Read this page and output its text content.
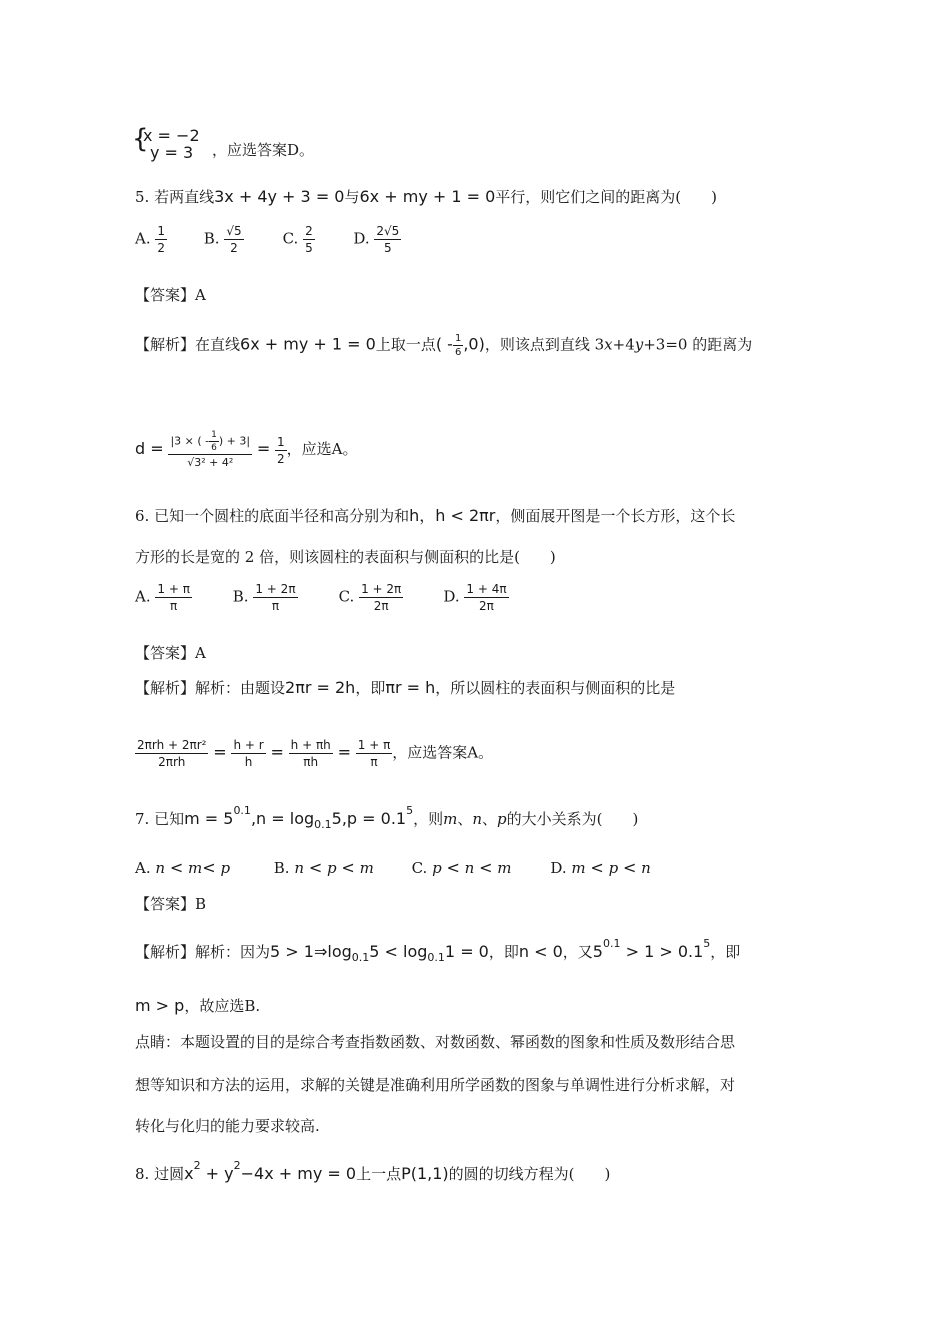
{
x = −2
y = 3 ，应选答案D。
5. 若两直线3x + 4y + 3 = 0与6x + my + 1 = 0平行，则它们之间的距离为(　　)
A. $\frac{1}{2} B$. $\frac{√5}{2}$	C. $\frac{2}{5}$	D. $\frac{2√5}{5}$
【答案】A
【解析】在直线6x + my + 1 = 0上取一点( - $\frac{1}{6} ,0$)，则该点到直线 3x+4y+3=0 的距离为
$d = \frac{|3 \times ( - \frac{1}{6} ) + 3|}{\text{√3² + 4²}} = \frac{1}{2}$ ，应选A。
6. 已知一个圆柱的底面半径和高分别为和h，h < 2πr，侧面展开图是一个长方形，这个长
方形的长是宽的 2 倍，则该圆柱的表面积与侧面积的比是(　　)
A. $\frac{1 + \pi}{\pi}$	B. $\frac{1 + 2\pi}{\pi}$	C. $\frac{1 + 2\pi}{2\pi}$	D. $\frac{1 + 4\pi}{2\pi}$
【答案】A
【解析】解析：由题设2πr = 2h，即πr = h，所以圆柱的表面积与侧面积的比是
$\frac{\text{2πrh + 2πr²}}{\text{2πrh}} = \frac{h + r}{h} = \frac{h + \pi h}{\pi h} = \frac{1 + \pi}{\pi}$ ，应选答案A。
7. 已知$m = 5^{0.1},n = \log_{0.1}5,p = 0.1^5$，则m、n、p的大小关系为(　　)
A. n < m< p	B. n < p < m	C. p < n < m	D. m < p < n
【答案】B
【解析】解析：因为$5 > 1\Rightarrow\log_{0.1}5 < \log_{0.1}1 = 0$，即n < 0，又$5^{0.1} > 1 > 0.1^5$，即
m > p，故应选B.
点睛：本题设置的目的是综合考查指数函数、对数函数、幂函数的图象和性质及数形结合思
想等知识和方法的运用，求解的关键是准确利用所学函数的图象与单调性进行分析求解，对
转化与化归的能力要求较高.
8. 过圆$x^2 + y^2-4x$ + my = 0上一点P(1,1)的圆的切线方程为(　　)
